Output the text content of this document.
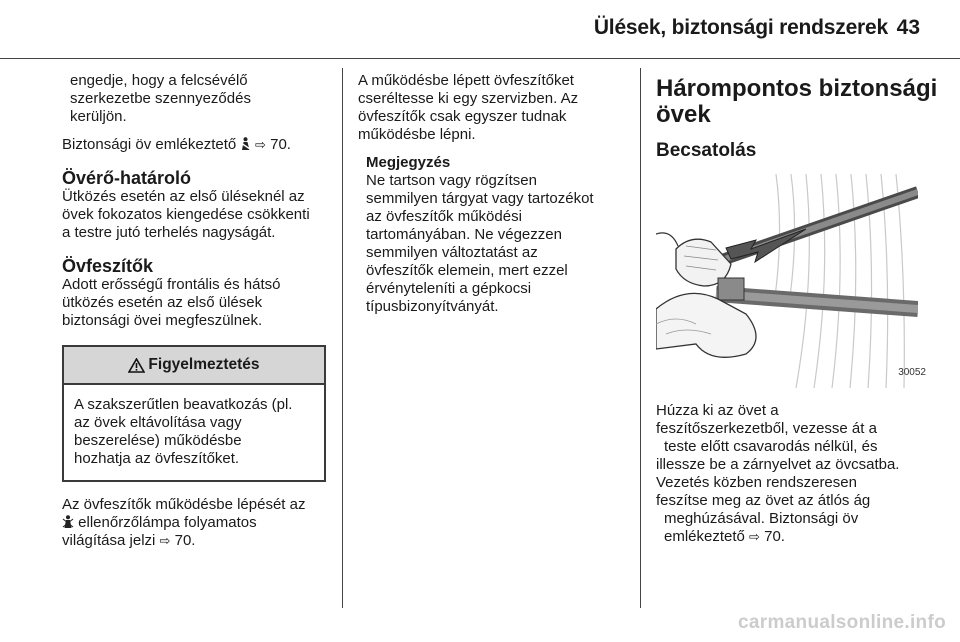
Ülések, biztonsági rendszerek 43

engedje, hogy a felcsévélő

szerkezetbe szennyeződés

kerüljön.

Biztonsági öv emlékeztető  ⇨ 70.

Övérő-határoló

Ütközés esetén az első üléseknél az

övek fokozatos kiengedése csökkenti

a testre jutó terhelés nagyságát.

Övfeszítők

Adott erősségű frontális és hátsó

ütközés esetén az első ülések

biztonsági övei megfeszülnek.

Figyelmeztetés

A szakszerűtlen beavatkozás (pl.

az övek eltávolítása vagy

beszerelése) működésbe

hozhatja az övfeszítőket.

Az övfeszítők működésbe lépését az

ellenőrzőlámpa folyamatos

világítása jelzi ⇨ 70.

A működésbe lépett övfeszítőket

cseréltesse ki egy szervizben. Az

övfeszítők csak egyszer tudnak

működésbe lépni.

Megjegyzés

Ne tartson vagy rögzítsen

semmilyen tárgyat vagy tartozékot

az övfeszítők működési

tartományában. Ne végezzen

semmilyen változtatást az

övfeszítők elemein, mert ezzel

érvényteleníti a gépkocsi

típusbizonyítványát.

Hárompontos biztonsági

övek

Becsatolás

30052

Húzza ki az övet a

feszítőszerkezetből, vezesse át a

teste előtt csavarodás nélkül, és

illessze be a zárnyelvet az övcsatba.

Vezetés közben rendszeresen

feszítse meg az övet az átlós ág

meghúzásával. Biztonsági öv

emlékeztető ⇨ 70.

carmanualsonline.info
